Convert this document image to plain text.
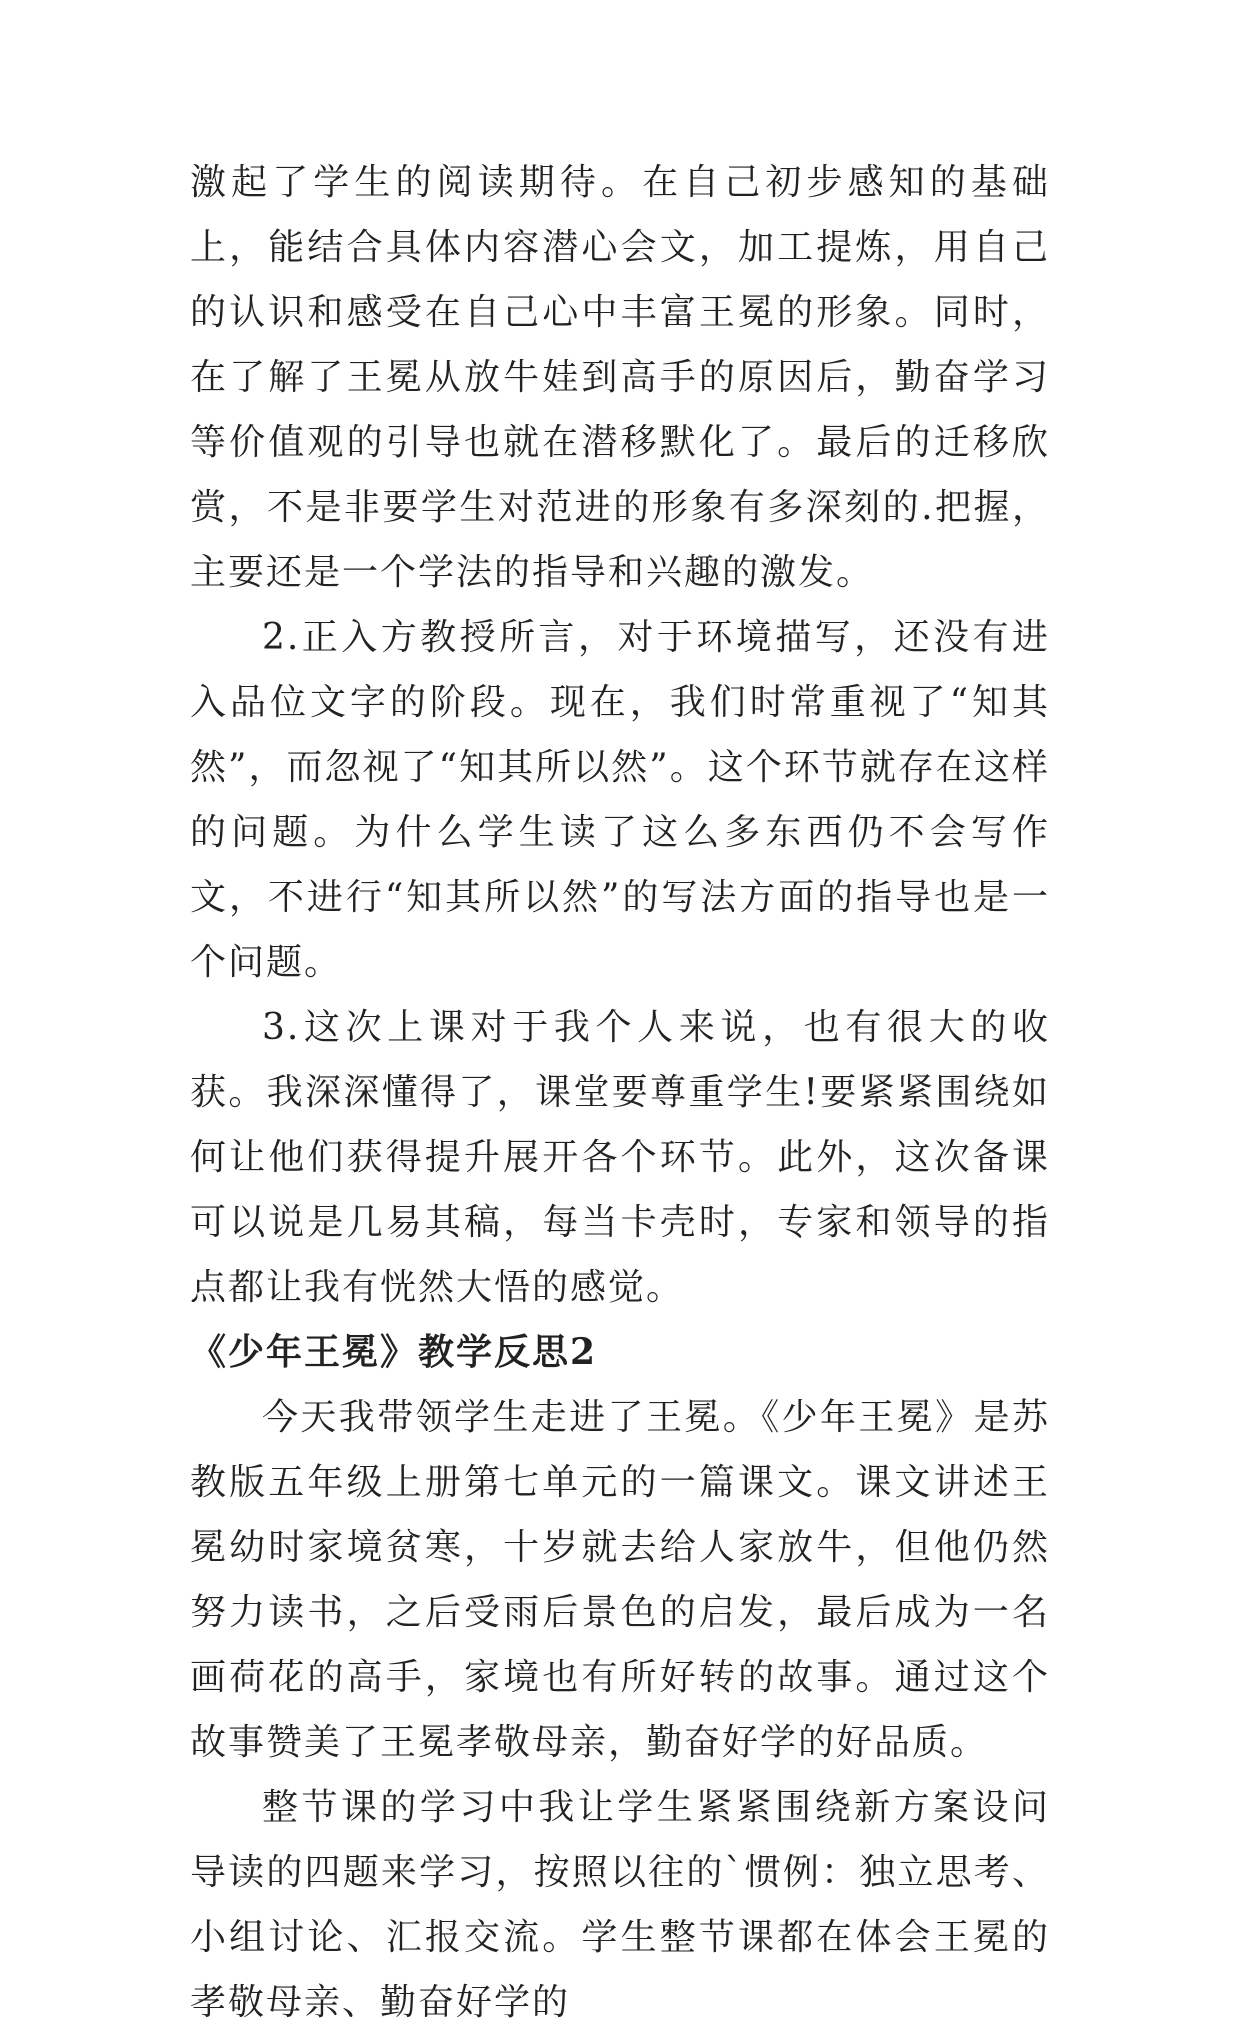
激起了学生的阅读期待。在自己初步感知的基础上，能结合具体内容潜心会文，加工提炼，用自己的认识和感受在自己心中丰富王冕的形象。同时，在了解了王冕从放牛娃到高手的原因后，勤奋学习等价值观的引导也就在潜移默化了。最后的迁移欣赏，不是非要学生对范进的形象有多深刻的.把握，主要还是一个学法的指导和兴趣的激发。

2.正入方教授所言，对于环境描写，还没有进入品位文字的阶段。现在，我们时常重视了“知其然”，而忽视了“知其所以然”。这个环节就存在这样的问题。为什么学生读了这么多东西仍不会写作文，不进行“知其所以然”的写法方面的指导也是一个问题。

3.这次上课对于我个人来说，也有很大的收获。我深深懂得了，课堂要尊重学生!要紧紧围绕如何让他们获得提升展开各个环节。此外，这次备课可以说是几易其稿，每当卡壳时，专家和领导的指点都让我有恍然大悟的感觉。

《少年王冕》教学反思2

今天我带领学生走进了王冕。《少年王冕》是苏教版五年级上册第七单元的一篇课文。课文讲述王冕幼时家境贫寒，十岁就去给人家放牛，但他仍然努力读书，之后受雨后景色的启发，最后成为一名画荷花的高手，家境也有所好转的故事。通过这个故事赞美了王冕孝敬母亲，勤奋好学的好品质。

整节课的学习中我让学生紧紧围绕新方案设问导读的四题来学习，按照以往的`惯例：独立思考、小组讨论、汇报交流。学生整节课都在体会王冕的孝敬母亲、勤奋好学的
